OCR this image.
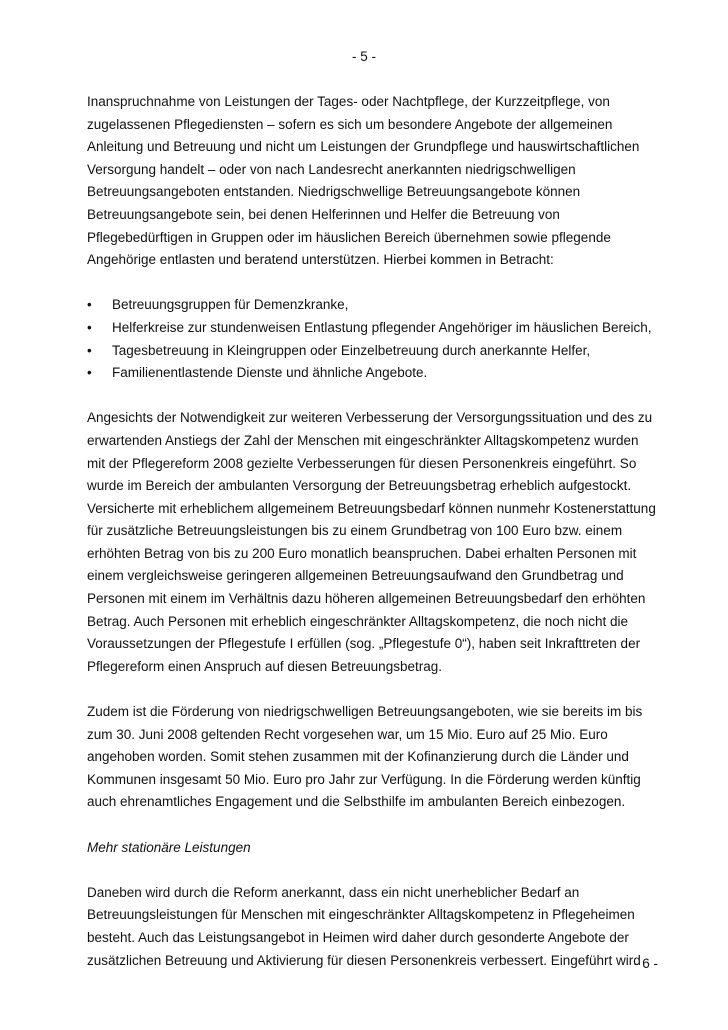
- 5 -
Inanspruchnahme von Leistungen der Tages- oder Nachtpflege, der Kurzzeitpflege, von
zugelassenen Pflegediensten – sofern es sich um besondere Angebote der allgemeinen
Anleitung und Betreuung und nicht um Leistungen der Grundpflege und hauswirtschaftlichen
Versorgung handelt – oder von nach Landesrecht anerkannten niedrigschwelligen
Betreuungsangeboten entstanden. Niedrigschwellige Betreuungsangebote können
Betreuungsangebote sein, bei denen Helferinnen und Helfer die Betreuung von
Pflegebedürftigen in Gruppen oder im häuslichen Bereich übernehmen sowie pflegende
Angehörige entlasten und beratend unterstützen. Hierbei kommen in Betracht:
• Betreuungsgruppen für Demenzkranke,
• Helferkreise zur stundenweisen Entlastung pflegender Angehöriger im häuslichen Bereich,
• Tagesbetreuung in Kleingruppen oder Einzelbetreuung durch anerkannte Helfer,
• Familienentlastende Dienste und ähnliche Angebote.
Angesichts der Notwendigkeit zur weiteren Verbesserung der Versorgungssituation und des zu
erwartenden Anstiegs der Zahl der Menschen mit eingeschränkter Alltagskompetenz wurden
mit der Pflegereform 2008 gezielte Verbesserungen für diesen Personenkreis eingeführt. So
wurde im Bereich der ambulanten Versorgung der Betreuungsbetrag erheblich aufgestockt.
Versicherte mit erheblichem allgemeinem Betreuungsbedarf können nunmehr Kostenerstattung
für zusätzliche Betreuungsleistungen bis zu einem Grundbetrag von 100 Euro bzw. einem
erhöhten Betrag von bis zu 200 Euro monatlich beanspruchen. Dabei erhalten Personen mit
einem vergleichsweise geringeren allgemeinen Betreuungsaufwand den Grundbetrag und
Personen mit einem im Verhältnis dazu höheren allgemeinen Betreuungsbedarf den erhöhten
Betrag. Auch Personen mit erheblich eingeschränkter Alltagskompetenz, die noch nicht die
Voraussetzungen der Pflegestufe I erfüllen (sog. „Pflegestufe 0“), haben seit Inkrafttreten der
Pflegereform einen Anspruch auf diesen Betreuungsbetrag.
Zudem ist die Förderung von niedrigschwelligen Betreuungsangeboten, wie sie bereits im bis
zum 30. Juni 2008 geltenden Recht vorgesehen war, um 15 Mio. Euro auf 25 Mio. Euro
angehoben worden. Somit stehen zusammen mit der Kofinanzierung durch die Länder und
Kommunen insgesamt 50 Mio. Euro pro Jahr zur Verfügung. In die Förderung werden künftig
auch ehrenamtliches Engagement und die Selbsthilfe im ambulanten Bereich einbezogen.
Mehr stationäre Leistungen
Daneben wird durch die Reform anerkannt, dass ein nicht unerheblicher Bedarf an
Betreuungsleistungen für Menschen mit eingeschränkter Alltagskompetenz in Pflegeheimen
besteht. Auch das Leistungsangebot in Heimen wird daher durch gesonderte Angebote der
zusätzlichen Betreuung und Aktivierung für diesen Personenkreis verbessert. Eingeführt wird
- 6 -
